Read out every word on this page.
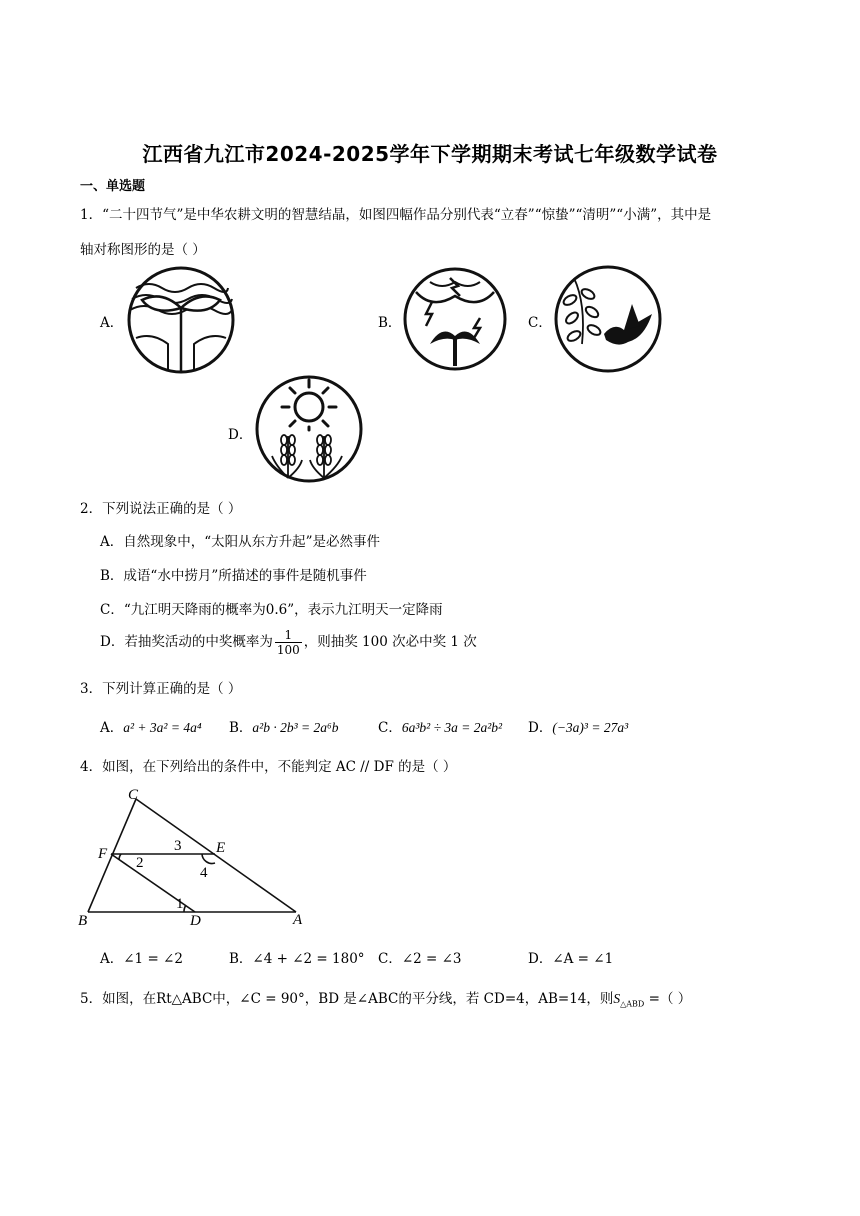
江西省九江市2024-2025学年下学期期末考试七年级数学试卷
一、单选题
1．“二十四节气”是中华农耕文明的智慧结晶，如图四幅作品分别代表“立春”“惊蛰”“清明”“小满”，其中是
轴对称图形的是（ ）
A．	B．	C．
D．
2．下列说法正确的是（ ）
A．自然现象中，“太阳从东方升起”是必然事件
B．成语“水中捞月”所描述的事件是随机事件
C．“九江明天降雨的概率为0.6”，表示九江明天一定降雨
D．若抽奖活动的中奖概率为 $\frac{1}{100}$ ，则抽奖 100 次必中奖 1 次
3．下列计算正确的是（ ）
A．a² + 3a² = 4a⁴ B．a²b · 2b³ = 2a⁶b	C．6a³b² ÷ 3a = 2a²b² D．(−3a)³ = 27a³
4．如图，在下列给出的条件中，不能判定 AC // DF 的是（ ）
C
F	E
B	D	A
1
2
3
4
A．∠1 = ∠2	B．∠4 + ∠2 = 180° C．∠2 = ∠3	D．∠A = ∠1
5．如图，在Rt△ABC中，∠C = 90°，BD 是∠ABC的平分线，若 CD=4，AB=14，则$S_{\triangle ABD}$ =（ ）
